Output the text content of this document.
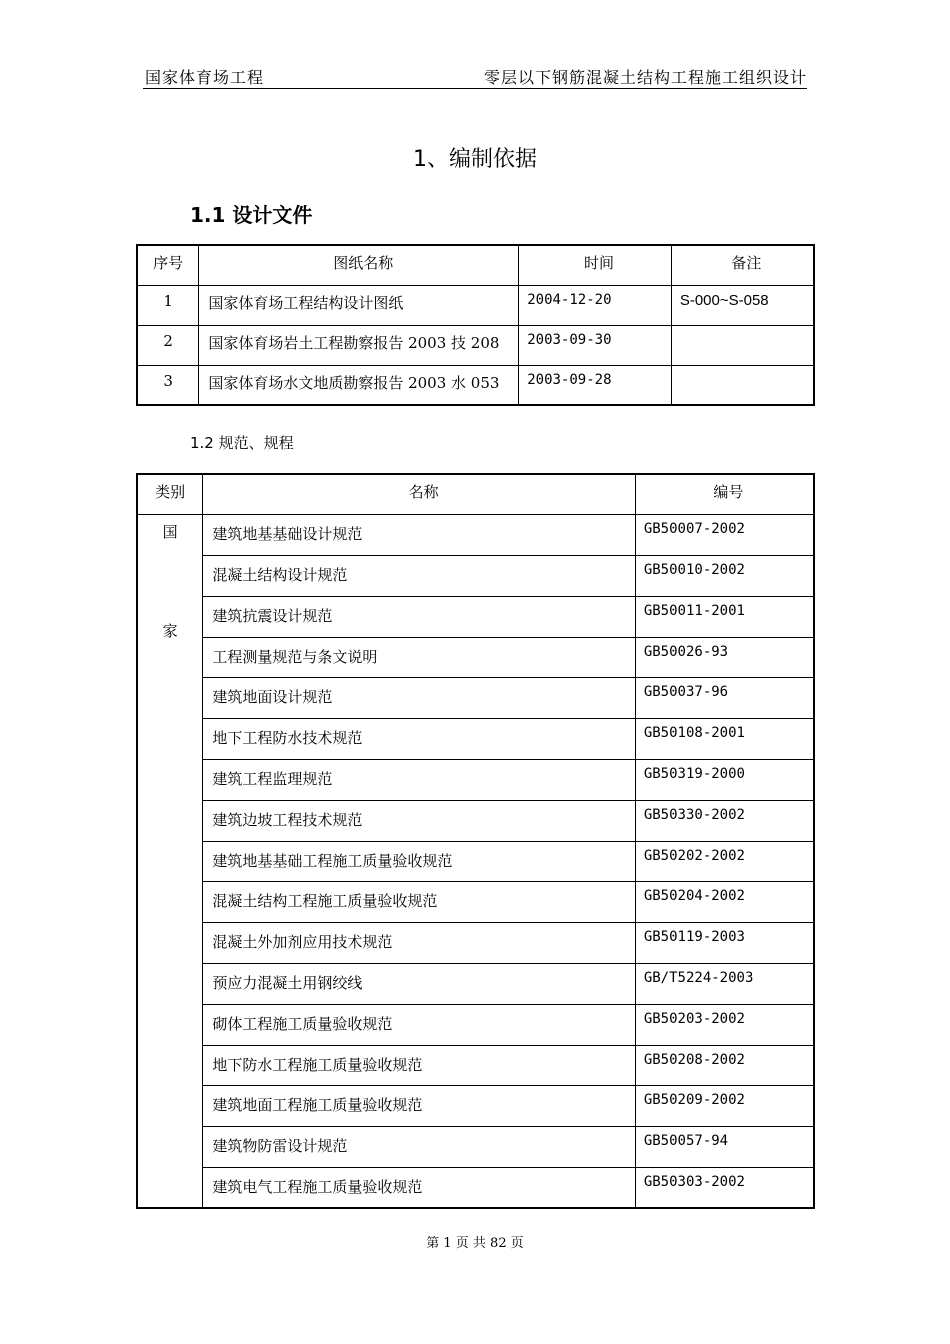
国家体育场工程	零层以下钢筋混凝土结构工程施工组织设计
1、编制依据
1.1 设计文件
序号	图纸名称	时间	备注
1	国家体育场工程结构设计图纸	2004-12-20	S-000~S-058
2	国家体育场岩土工程勘察报告 2003 技 208	2003-09-30	
3	国家体育场水文地质勘察报告 2003 水 053	2003-09-28	
1.2 规范、规程
类别	名称	编号

国
家	建筑地基基础设计规范	GB50007-2002
	混凝土结构设计规范	GB50010-2002
	建筑抗震设计规范	GB50011-2001
	工程测量规范与条文说明	GB50026-93
	建筑地面设计规范	GB50037-96
	地下工程防水技术规范	GB50108-2001
	建筑工程监理规范	GB50319-2000
	建筑边坡工程技术规范	GB50330-2002
	建筑地基基础工程施工质量验收规范	GB50202-2002
	混凝土结构工程施工质量验收规范	GB50204-2002
	混凝土外加剂应用技术规范	GB50119-2003
	预应力混凝土用钢绞线	GB/T5224-2003
	砌体工程施工质量验收规范	GB50203-2002
	地下防水工程施工质量验收规范	GB50208-2002
	建筑地面工程施工质量验收规范	GB50209-2002
	建筑物防雷设计规范	GB50057-94
	建筑电气工程施工质量验收规范	GB50303-2002
第 1 页 共 82 页
